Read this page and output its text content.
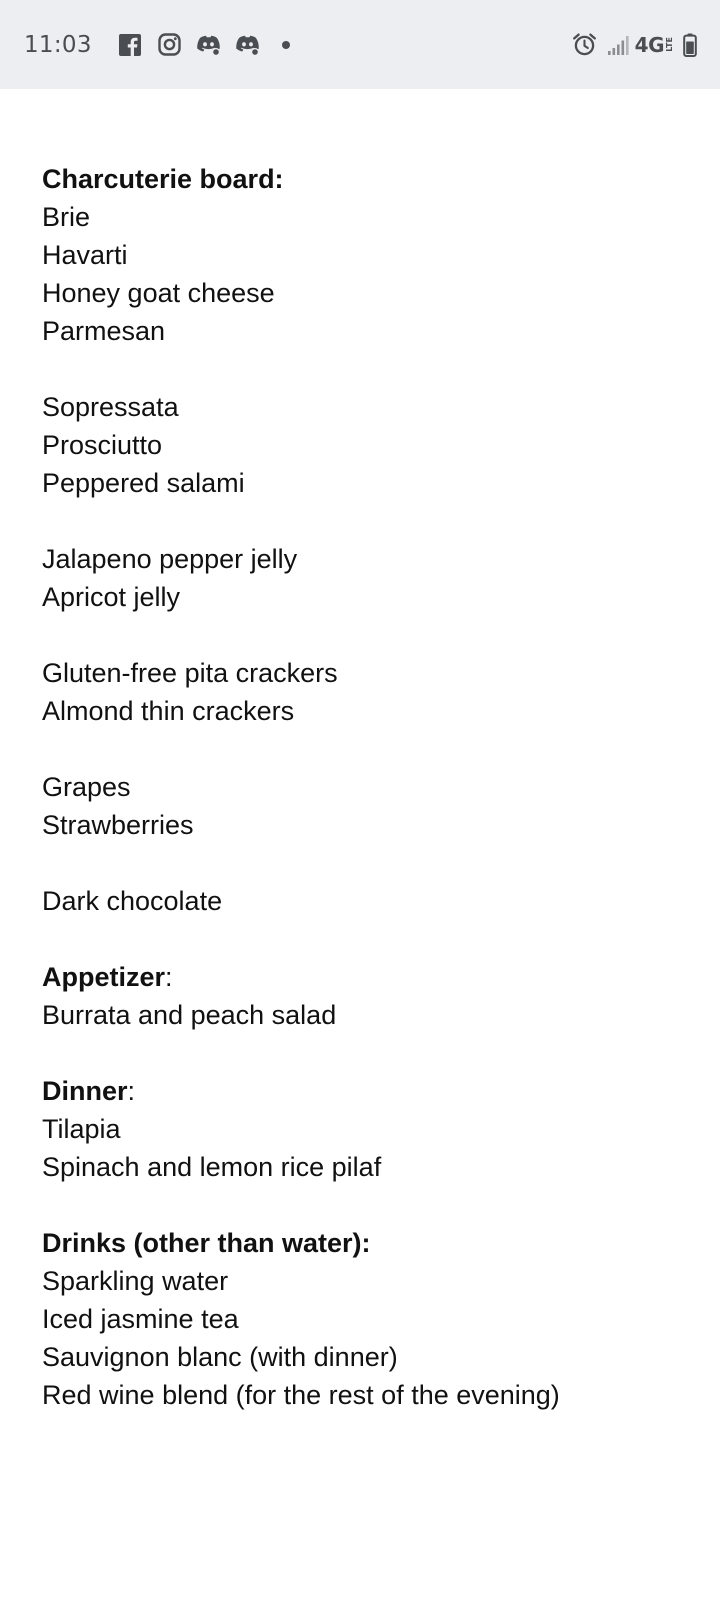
11:03	4G LTE
Charcuterie board:
Brie
Havarti
Honey goat cheese
Parmesan
Sopressata
Prosciutto
Peppered salami
Jalapeno pepper jelly
Apricot jelly
Gluten-free pita crackers
Almond thin crackers
Grapes
Strawberries
Dark chocolate
Appetizer:
Burrata and peach salad
Dinner:
Tilapia
Spinach and lemon rice pilaf
Drinks (other than water):
Sparkling water
Iced jasmine tea
Sauvignon blanc (with dinner)
Red wine blend (for the rest of the evening)
